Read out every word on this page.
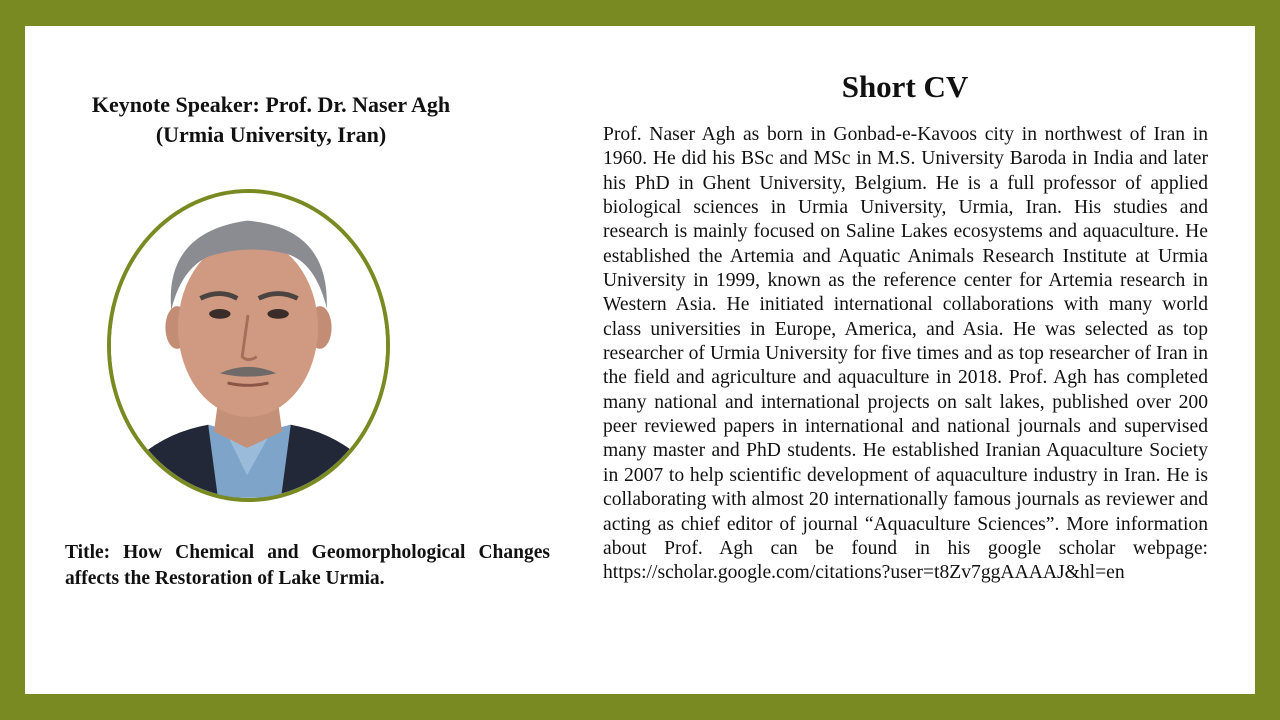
Keynote Speaker: Prof. Dr. Naser Agh
(Urmia University, Iran)
Title: How Chemical and Geomorphological Changes affects the Restoration of Lake Urmia.
Short CV
Prof. Naser Agh as born in Gonbad-e-Kavoos city in northwest of Iran in 1960. He did his BSc and MSc in M.S. University Baroda in India and later his PhD in Ghent University, Belgium. He is a full professor of applied biological sciences in Urmia University, Urmia, Iran. His studies and research is mainly focused on Saline Lakes ecosystems and aquaculture. He established the Artemia and Aquatic Animals Research Institute at Urmia University in 1999, known as the reference center for Artemia research in Western Asia. He initiated international collaborations with many world class universities in Europe, America, and Asia. He was selected as top researcher of Urmia University for five times and as top researcher of Iran in the field and agriculture and aquaculture in 2018. Prof. Agh has completed many national and international projects on salt lakes, published over 200 peer reviewed papers in international and national journals and supervised many master and PhD students. He established Iranian Aquaculture Society in 2007 to help scientific development of aquaculture industry in Iran. He is collaborating with almost 20 internationally famous journals as reviewer and acting as chief editor of journal “Aquaculture Sciences”. More information about Prof. Agh can be found in his google scholar webpage: https://scholar.google.com/citations?user=t8Zv7ggAAAAJ&hl=en
